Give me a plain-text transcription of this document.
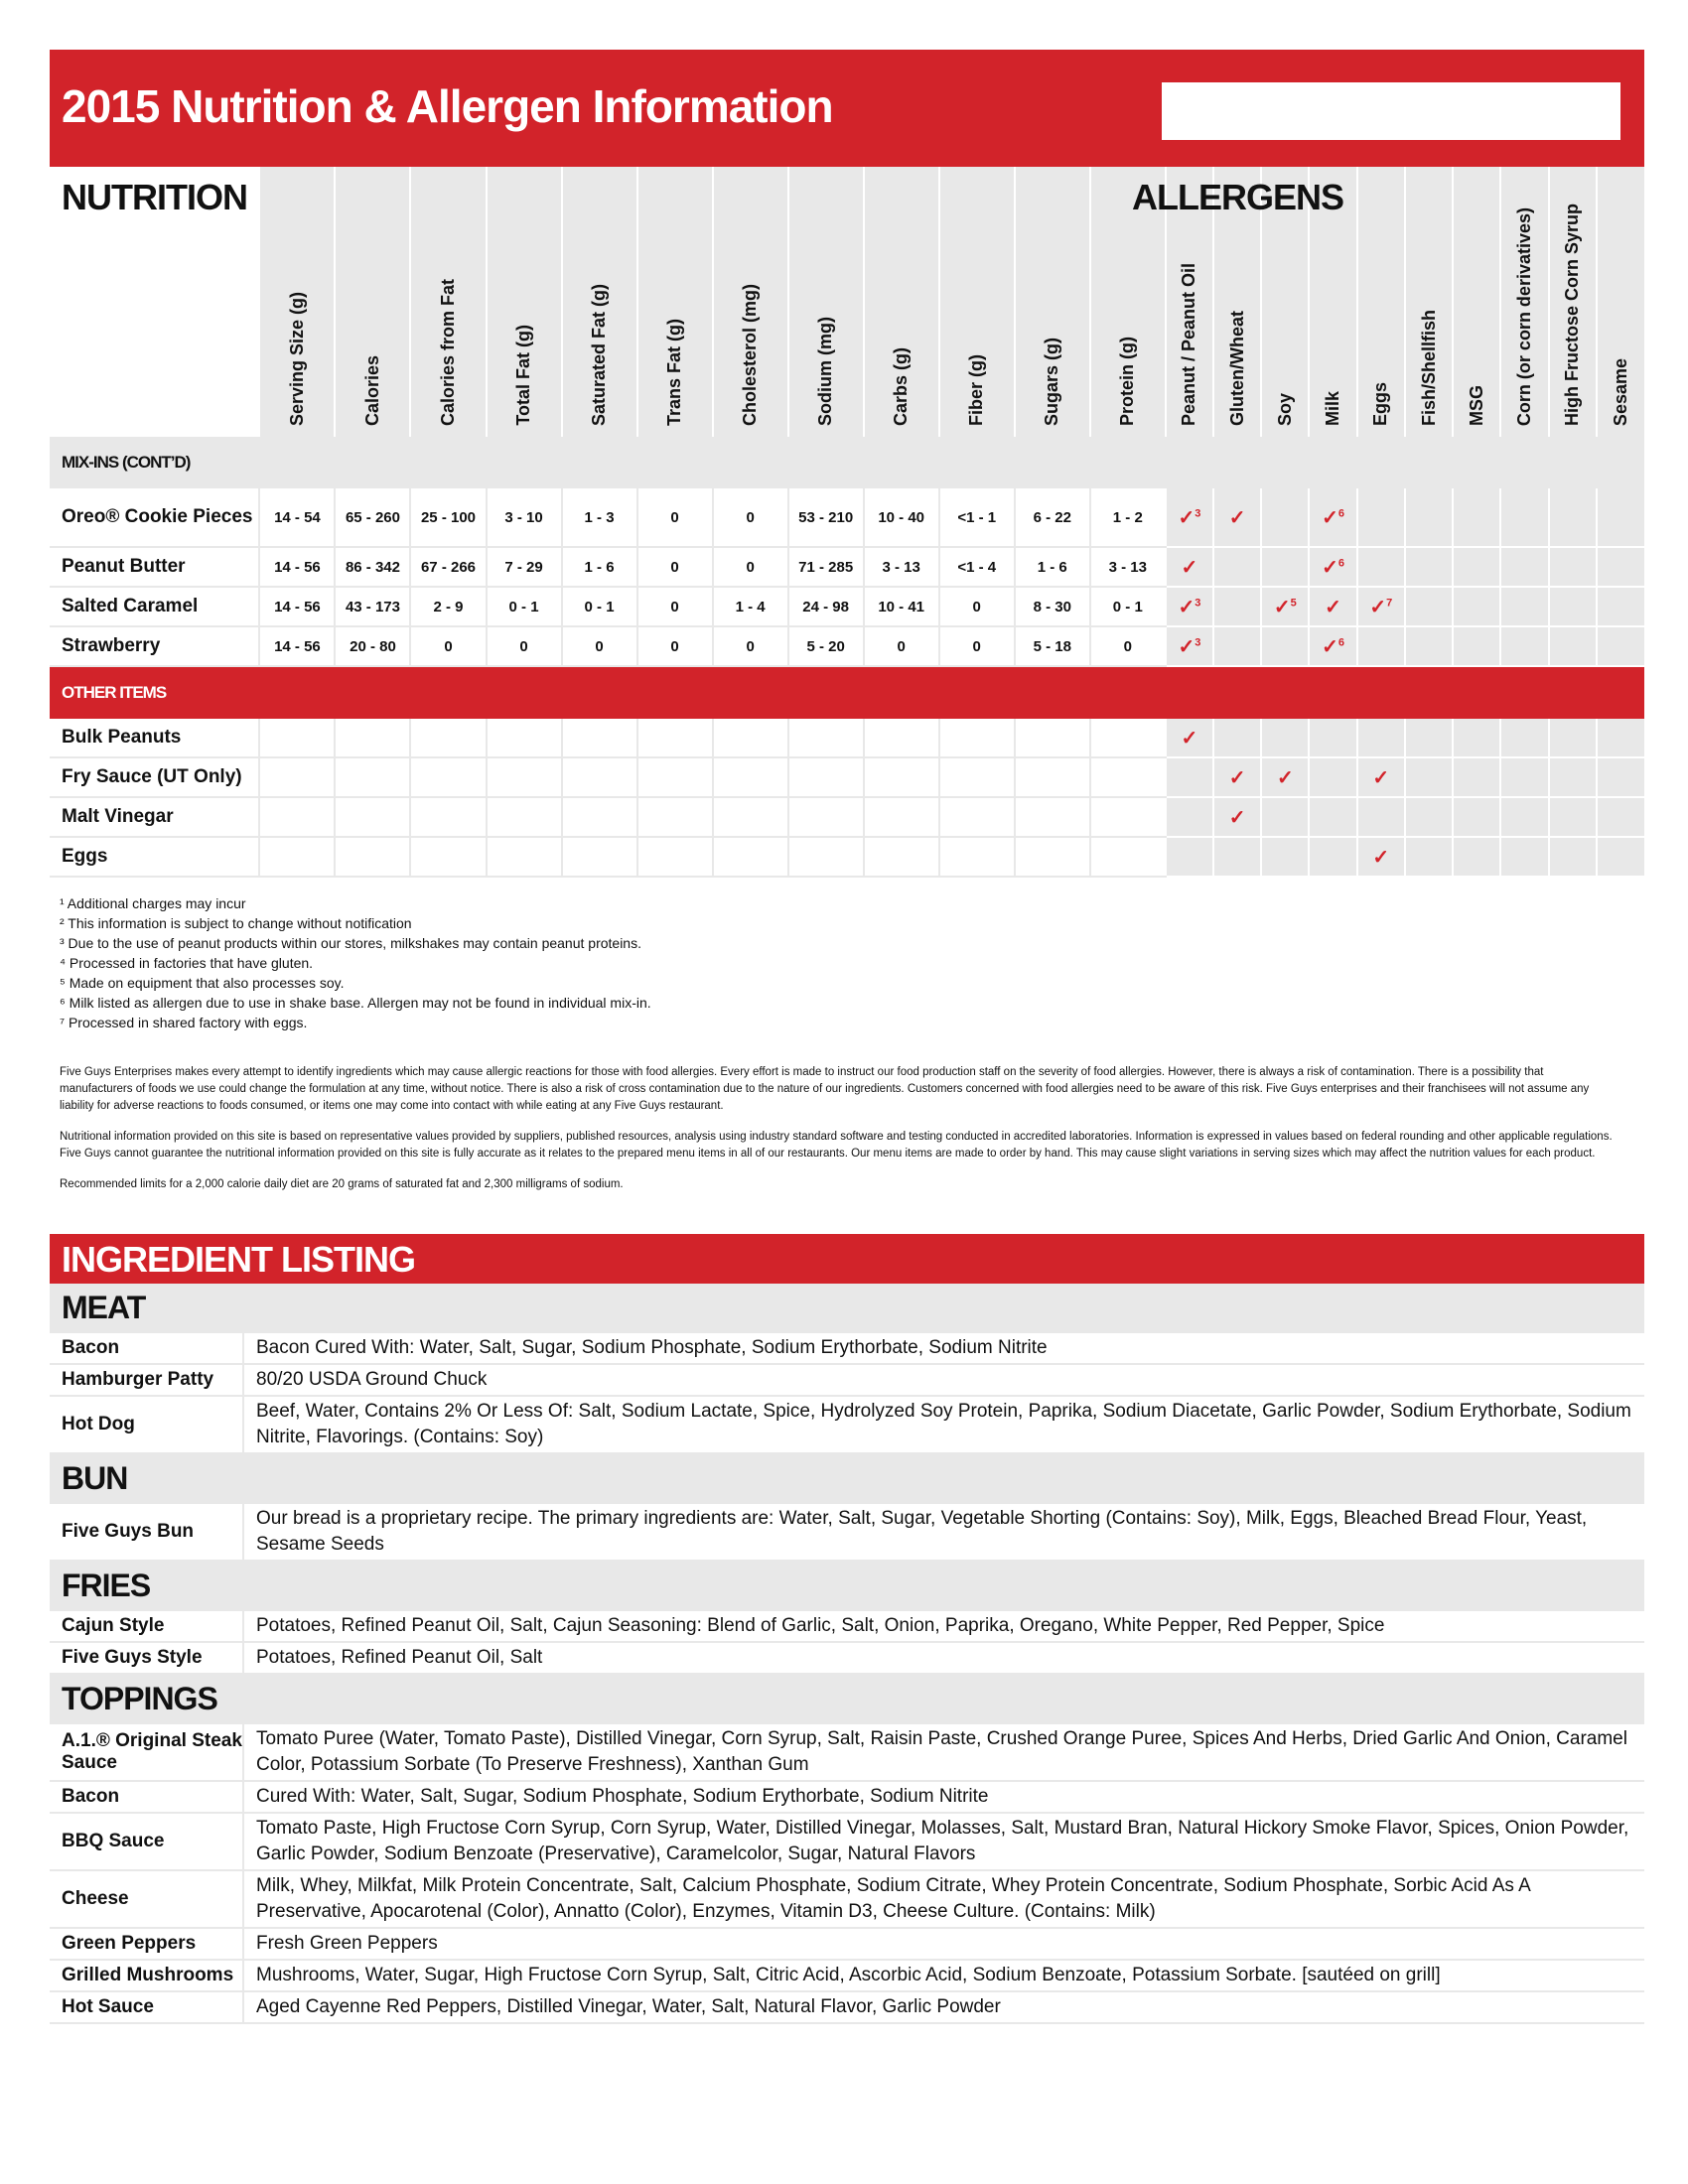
2015 Nutrition & Allergen Information
NUTRITION	ALLERGENS
	Serving Size (g)	Calories	Calories from Fat	Total Fat (g)	Saturated Fat (g)	Trans Fat (g)	Cholesterol (mg)	Sodium (mg)	Carbs (g)	Fiber (g)	Sugars (g)	Protein (g)	Peanut / Peanut Oil	Gluten/Wheat	Soy	Milk	Eggs	Fish/Shellfish	MSG	Corn (or corn derivatives)	High Fructose Corn Syrup	Sesame
MIX-INS (CONT’D)																						
Oreo® Cookie Pieces	14 - 54	65 - 260	25 - 100	3 - 10	1 - 3	0	0	53 - 210	10 - 40	<1 - 1	6 - 22	1 - 2	✓$^3$	✓		✓$^6$						
Peanut Butter	14 - 56	86 - 342	67 - 266	7 - 29	1 - 6	0	0	71 - 285	3 - 13	<1 - 4	1 - 6	3 - 13	✓			✓$^6$						
Salted Caramel	14 - 56	43 - 173	2 - 9	0 - 1	0 - 1	0	1 - 4	24 - 98	10 - 41	0	8 - 30	0 - 1	✓$^3$		✓$^5$	✓	✓$^7$					
Strawberry	14 - 56	20 - 80	0	0	0	0	0	5 - 20	0	0	5 - 18	0	✓$^3$			✓$^6$						
OTHER ITEMS																						
Bulk Peanuts													✓									
Fry Sauce (UT Only)														✓	✓		✓					
Malt Vinegar														✓								
Eggs																	✓					
¹ Additional charges may incur
² This information is subject to change without notification
³ Due to the use of peanut products within our stores, milkshakes may contain peanut proteins.
⁴ Processed in factories that have gluten.
⁵ Made on equipment that also processes soy.
⁶ Milk listed as allergen due to use in shake base. Allergen may not be found in individual mix-in.
⁷ Processed in shared factory with eggs.

Five Guys Enterprises makes every attempt to identify ingredients which may cause allergic reactions for those with food allergies. Every effort is made to instruct our food production staff on the severity of food allergies. However, there is always a risk of contamination. There is a possibility that manufacturers of foods we use could change the formulation at any time, without notice. There is also a risk of cross contamination due to the nature of our ingredients. Customers concerned with food allergies need to be aware of this risk. Five Guys enterprises and their franchisees will not assume any liability for adverse reactions to foods consumed, or items one may come into contact with while eating at any Five Guys restaurant.

Nutritional information provided on this site is based on representative values provided by suppliers, published resources, analysis using industry standard software and testing conducted in accredited laboratories. Information is expressed in values based on federal rounding and other applicable regulations. Five Guys cannot guarantee the nutritional information provided on this site is fully accurate as it relates to the prepared menu items in all of our restaurants. Our menu items are made to order by hand. This may cause slight variations in serving sizes which may affect the nutrition values for each product.

Recommended limits for a 2,000 calorie daily diet are 20 grams of saturated fat and 2,300 milligrams of sodium.

INGREDIENT LISTING
MEAT	
Bacon	Bacon Cured With: Water, Salt, Sugar, Sodium Phosphate, Sodium Erythorbate, Sodium Nitrite
Hamburger Patty	80/20 USDA Ground Chuck
Hot Dog	Beef, Water, Contains 2% Or Less Of: Salt, Sodium Lactate, Spice, Hydrolyzed Soy Protein, Paprika, Sodium Diacetate, Garlic Powder, Sodium Erythorbate, Sodium Nitrite, Flavorings. (Contains: Soy)
BUN	
Five Guys Bun	Our bread is a proprietary recipe. The primary ingredients are: Water, Salt, Sugar, Vegetable Shorting (Contains: Soy), Milk, Eggs, Bleached Bread Flour, Yeast, Sesame Seeds
FRIES	
Cajun Style	Potatoes, Refined Peanut Oil, Salt, Cajun Seasoning: Blend of Garlic, Salt, Onion, Paprika, Oregano, White Pepper, Red Pepper, Spice
Five Guys Style	Potatoes, Refined Peanut Oil, Salt
TOPPINGS	
A.1.® Original Steak Sauce	Tomato Puree (Water, Tomato Paste), Distilled Vinegar, Corn Syrup, Salt, Raisin Paste, Crushed Orange Puree, Spices And Herbs, Dried Garlic And Onion, Caramel Color, Potassium Sorbate (To Preserve Freshness), Xanthan Gum
Bacon	Cured With: Water, Salt, Sugar, Sodium Phosphate, Sodium Erythorbate, Sodium Nitrite
BBQ Sauce	Tomato Paste, High Fructose Corn Syrup, Corn Syrup, Water, Distilled Vinegar, Molasses, Salt, Mustard Bran, Natural Hickory Smoke Flavor, Spices, Onion Powder, Garlic Powder, Sodium Benzoate (Preservative), Caramelcolor, Sugar, Natural Flavors
Cheese	Milk, Whey, Milkfat, Milk Protein Concentrate, Salt, Calcium Phosphate, Sodium Citrate, Whey Protein Concentrate, Sodium Phosphate, Sorbic Acid As A Preservative, Apocarotenal (Color), Annatto (Color), Enzymes, Vitamin D3, Cheese Culture. (Contains: Milk)
Green Peppers	Fresh Green Peppers
Grilled Mushrooms	Mushrooms, Water, Sugar, High Fructose Corn Syrup, Salt, Citric Acid, Ascorbic Acid, Sodium Benzoate, Potassium Sorbate. [sautéed on grill]
Hot Sauce	Aged Cayenne Red Peppers, Distilled Vinegar, Water, Salt, Natural Flavor, Garlic Powder
